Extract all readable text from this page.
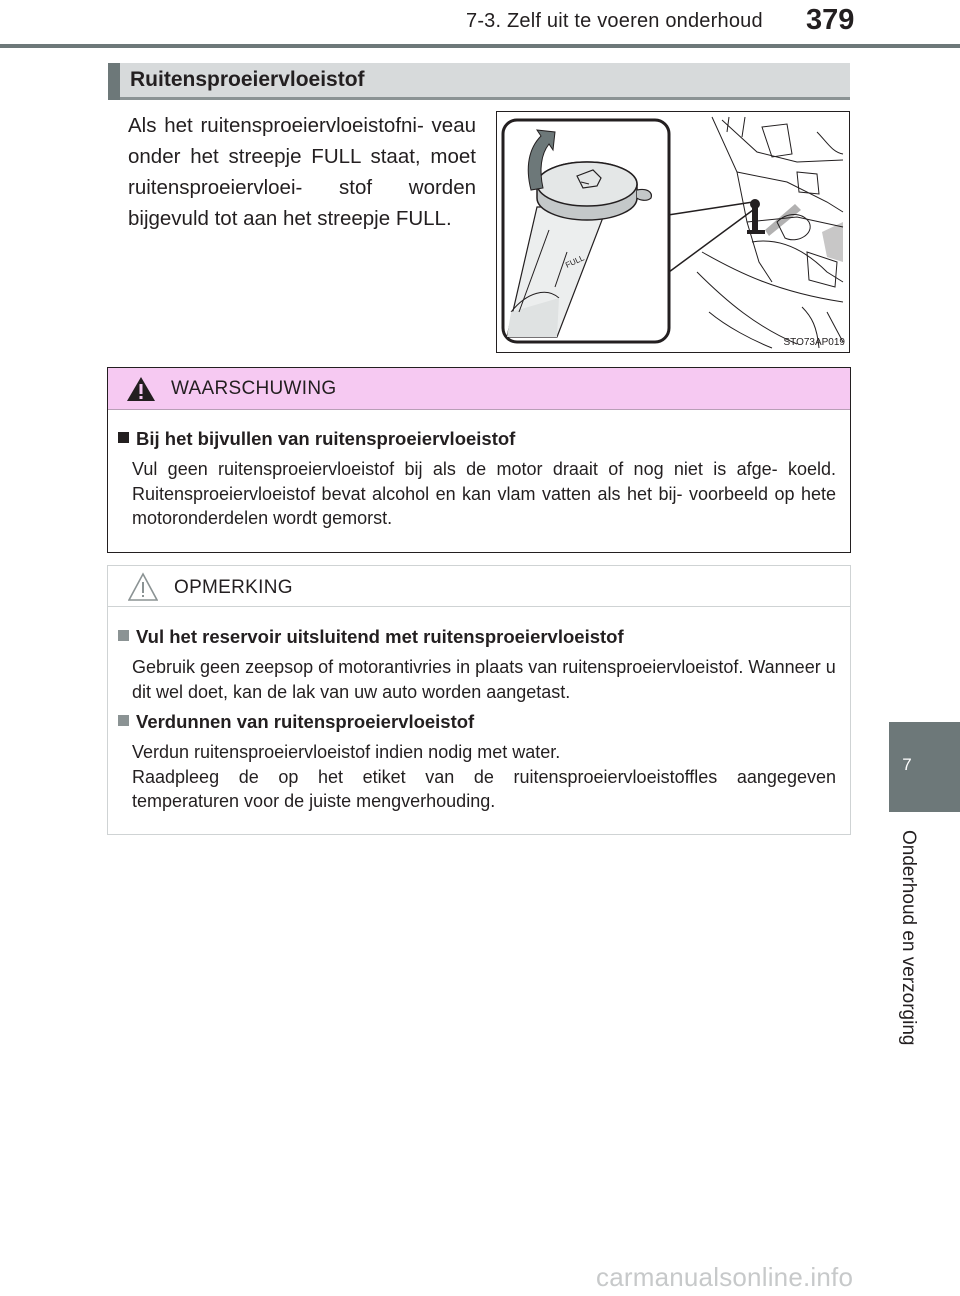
7-3. Zelf uit te voeren onderhoud 379
7
Onderhoud en verzorging
Ruitensproeiervloeistof

Als het ruitensproeiervloeistofni- veau onder het streepje FULL staat, moet ruitensproeiervloei- stof worden bijgevuld tot aan het streepje FULL.

FULL
STO73AP019
WAARSCHUWING
Bij het bijvullen van ruitensproeiervloeistof

Vul geen ruitensproeiervloeistof bij als de motor draait of nog niet is afge- koeld. Ruitensproeiervloeistof bevat alcohol en kan vlam vatten als het bij- voorbeeld op hete motoronderdelen wordt gemorst.

OPMERKING
Vul het reservoir uitsluitend met ruitensproeiervloeistof

Gebruik geen zeepsop of motorantivries in plaats van ruitensproeiervloeistof. Wanneer u dit wel doet, kan de lak van uw auto worden aangetast.

Verdunnen van ruitensproeiervloeistof
Verdun ruitensproeiervloeistof indien nodig met water.
Raadpleeg de op het etiket van de ruitensproeiervloeistoffles aangegeven
temperaturen voor de juiste mengverhouding.
carmanualsonline.info
